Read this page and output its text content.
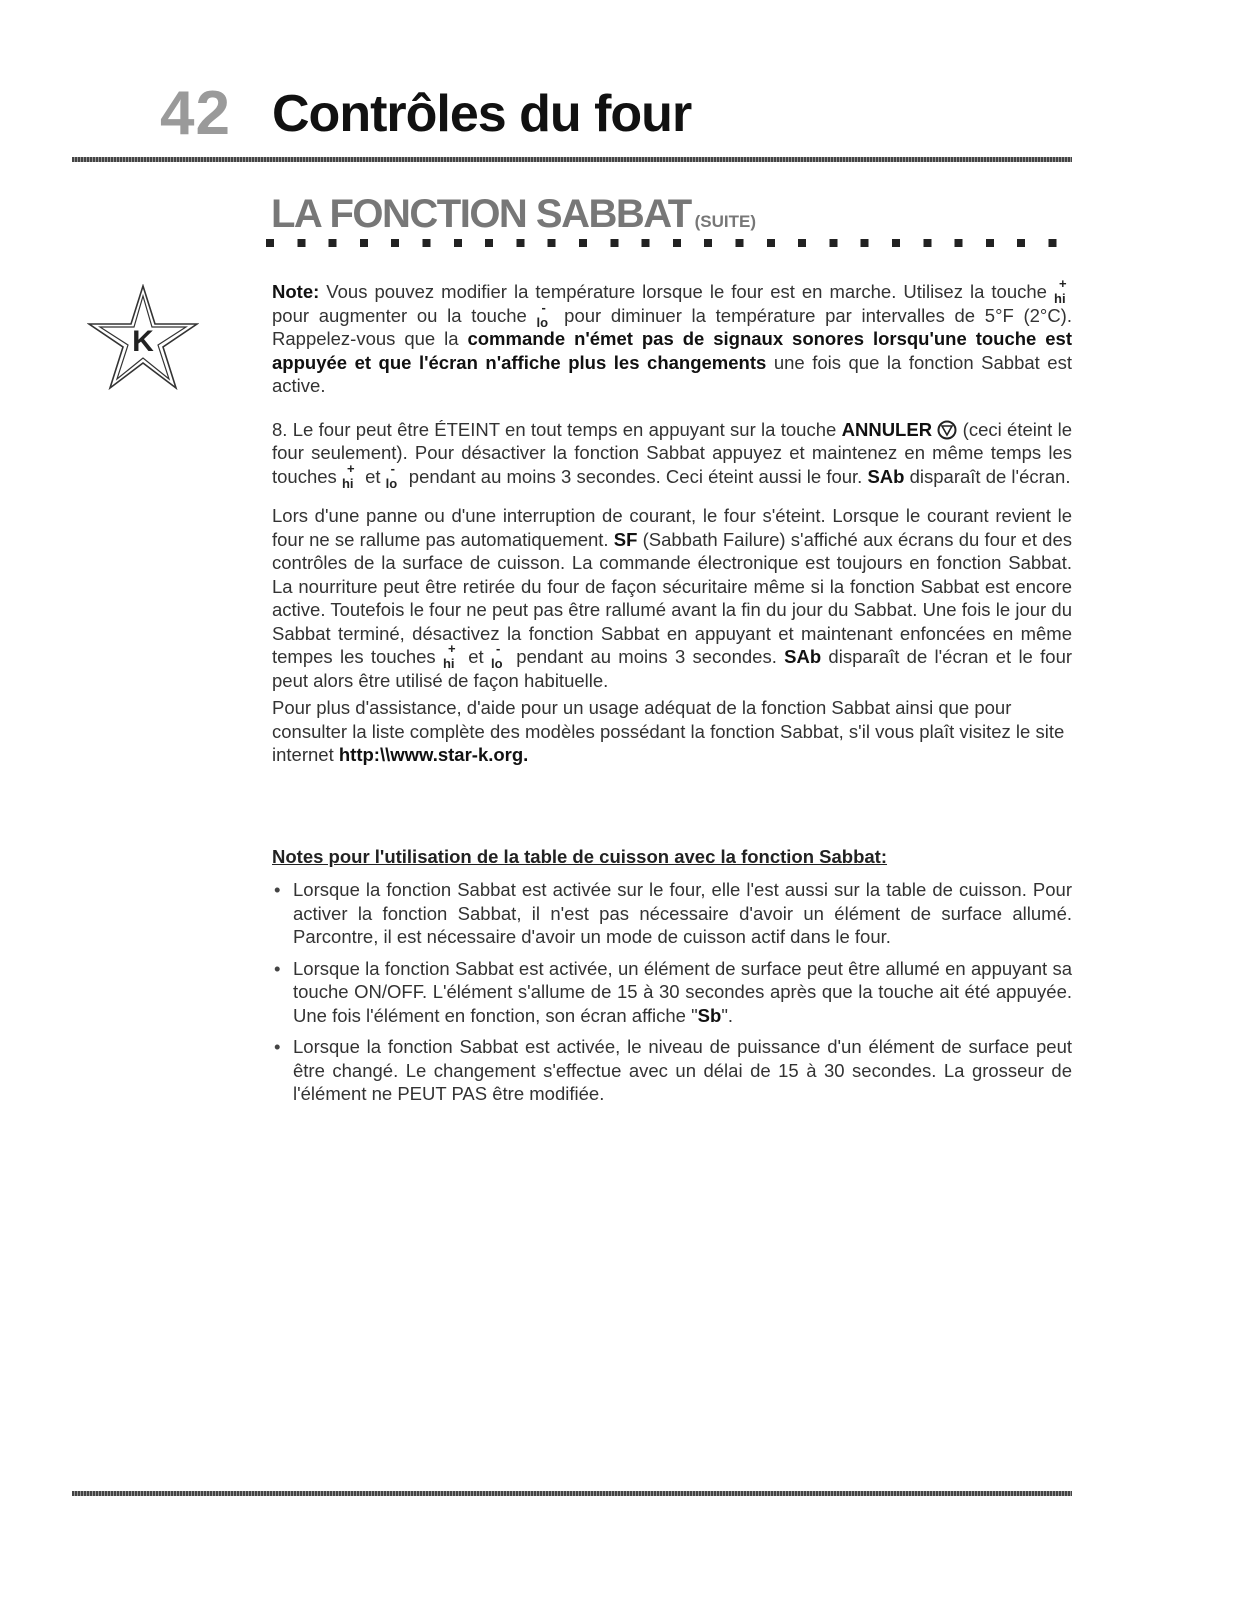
42 Contrôles du four
LA FONCTION SABBAT (SUITE)
K

Note: Vous pouvez modifier la température lorsque le four est en marche. Utilisez la touche +
hi
pour augmenter ou la touche -
lo pour diminuer la température par intervalles de 5°F (2°C). Rappelez-vous que la commande n'émet pas de signaux sonores lorsqu'une touche est appuyée et que l'écran n'affiche plus les changements une fois que la fonction Sabbat est active.

8. Le four peut être ÉTEINT en tout temps en appuyant sur la touche ANNULER  (ceci éteint le four seulement). Pour désactiver la fonction Sabbat appuyez et maintenez en même temps les touches +
hi et -
lo pendant au moins 3 secondes. Ceci éteint aussi le four. SAb disparaît de l'écran.

Lors d'une panne ou d'une interruption de courant, le four s'éteint. Lorsque le courant revient le four ne se rallume pas automatiquement. SF (Sabbath Failure) s'affiché aux écrans du four et des contrôles de la surface de cuisson. La commande électronique est toujours en fonction Sabbat. La nourriture peut être retirée du four de façon sécuritaire même si la fonction Sabbat est encore active. Toutefois le four ne peut pas être rallumé avant la fin du jour du Sabbat. Une fois le jour du Sabbat terminé, désactivez la fonction Sabbat en appuyant et maintenant enfoncées en même tempes les touches +
hi et -
lo pendant au moins 3 secondes. SAb disparaît de l'écran et le four peut alors être utilisé de façon habituelle.

Pour plus d'assistance, d'aide pour un usage adéquat de la fonction Sabbat ainsi que pour consulter la liste complète des modèles possédant la fonction Sabbat, s'il vous plaît visitez le site internet http:\\www.star-k.org.

Notes pour l'utilisation de la table de cuisson avec la fonction Sabbat:

• Lorsque la fonction Sabbat est activée sur le four, elle l'est aussi sur la table de cuisson. Pour activer la fonction Sabbat, il n'est pas nécessaire d'avoir un élément de surface allumé. Parcontre, il est nécessaire d'avoir un mode de cuisson actif dans le four.
• Lorsque la fonction Sabbat est activée, un élément de surface peut être allumé en appuyant sa touche ON/OFF. L'élément s'allume de 15 à 30 secondes après que la touche ait été appuyée. Une fois l'élément en fonction, son écran affiche "Sb".
• Lorsque la fonction Sabbat est activée, le niveau de puissance d'un élément de surface peut être changé. Le changement s'effectue avec un délai de 15 à 30 secondes. La grosseur de l'élément ne PEUT PAS être modifiée.
